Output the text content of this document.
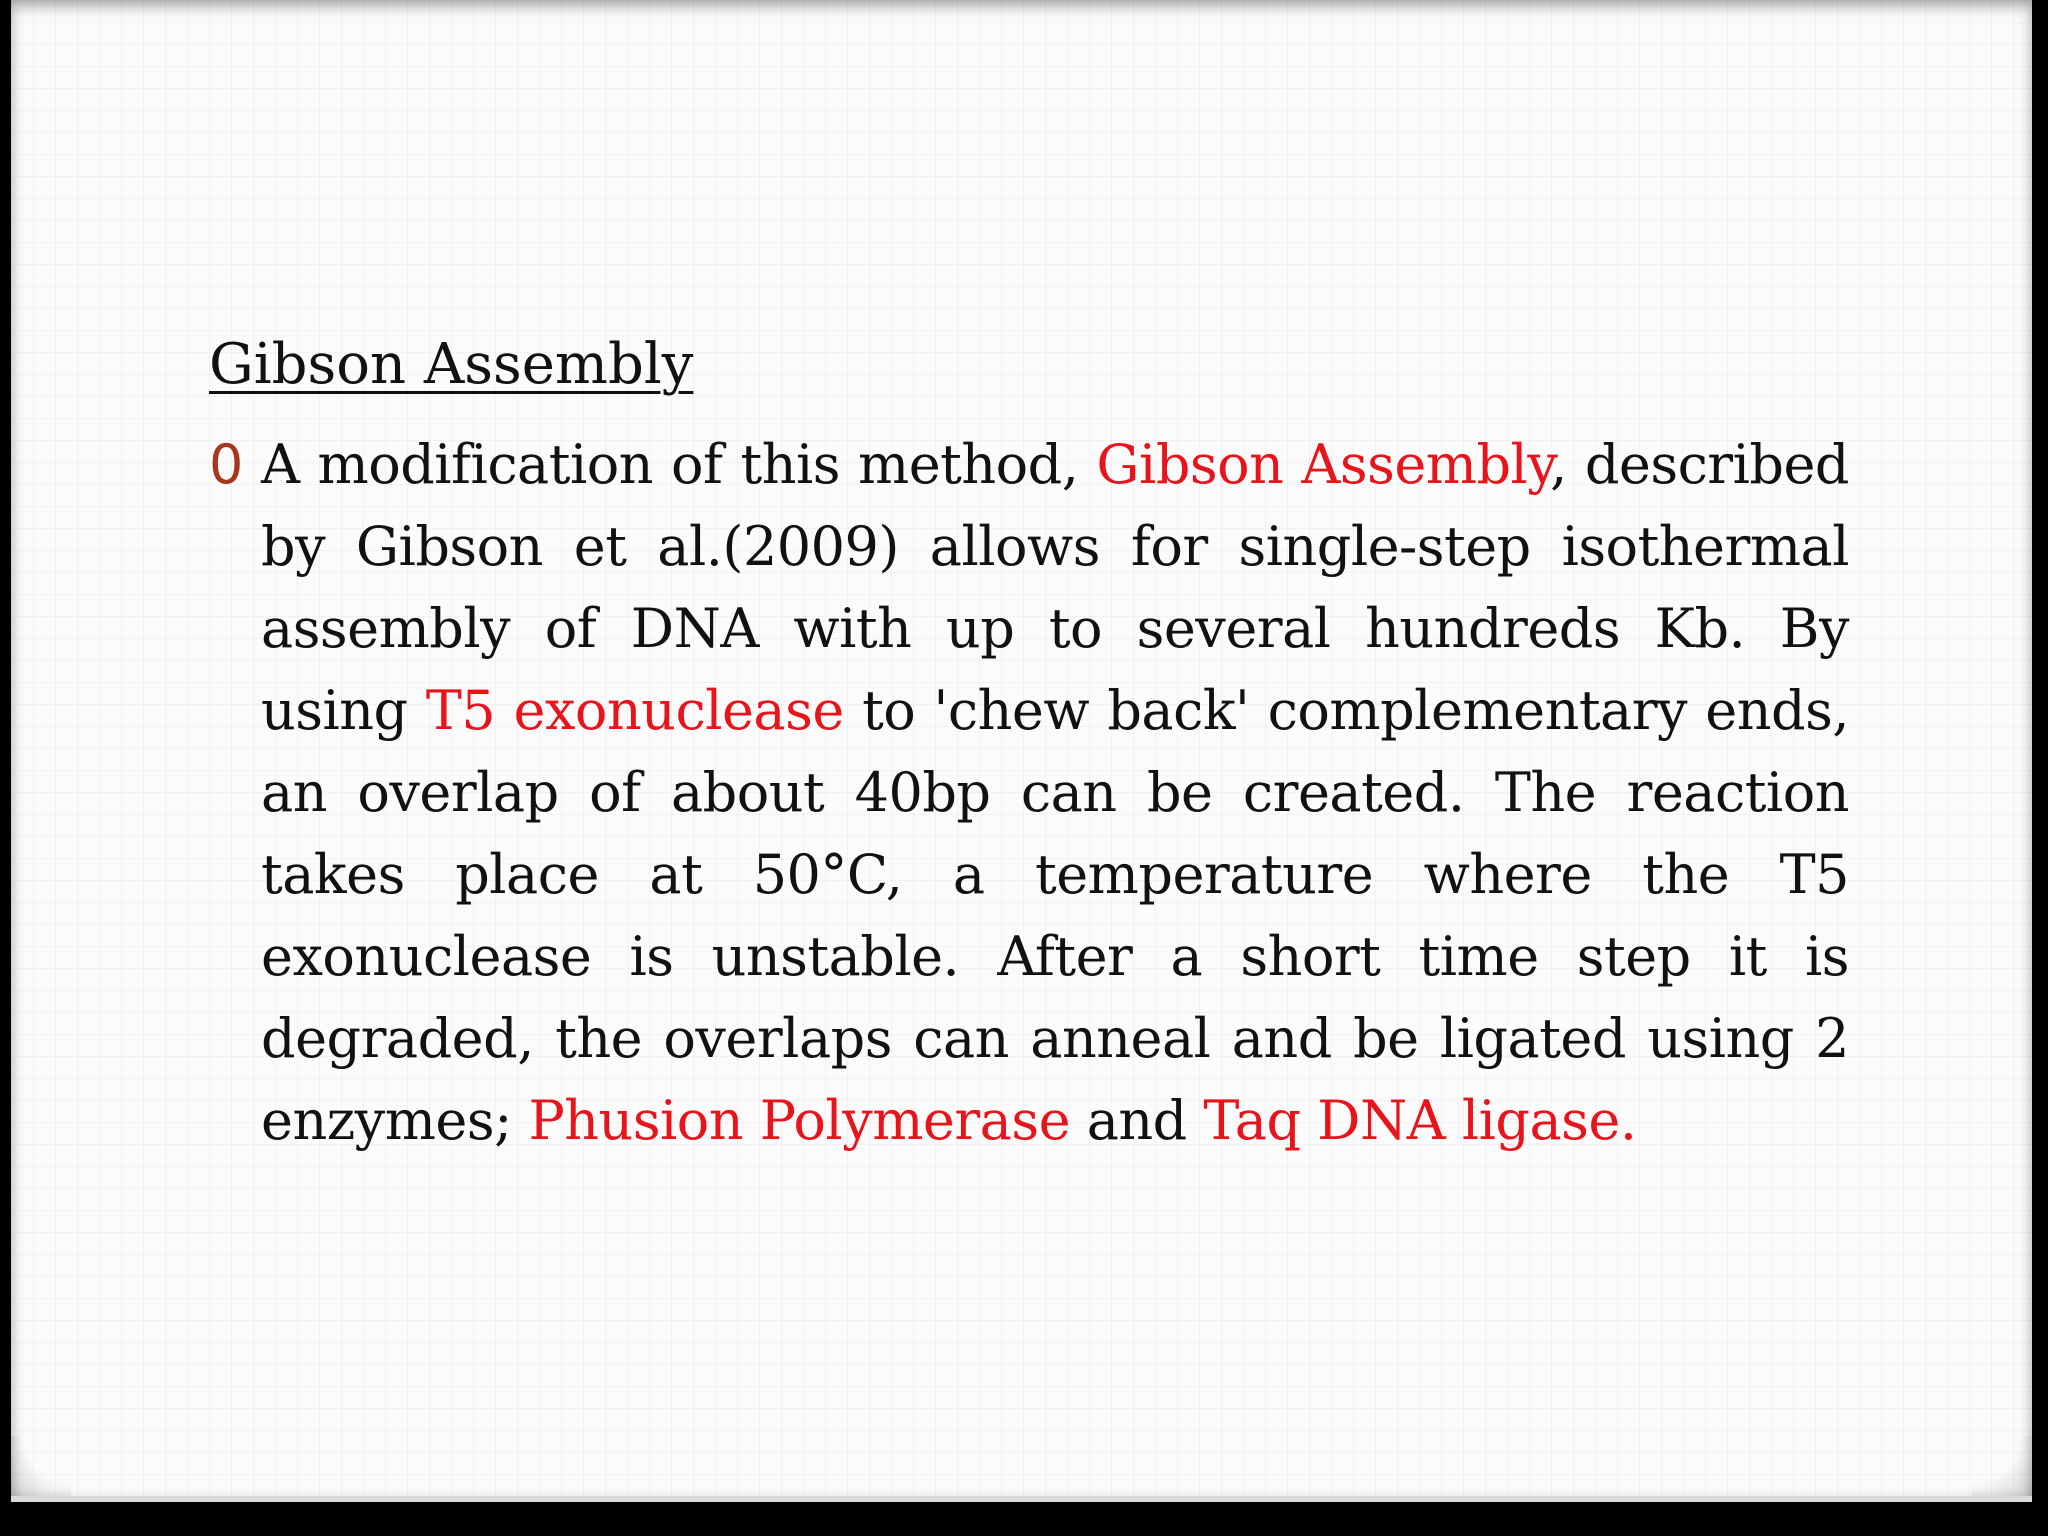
Gibson Assembly
0 A modification of this method, Gibson Assembly, described by Gibson et al.(2009) allows for single-step isothermal assembly of DNA with up to several hundreds Kb. By using T5 exonuclease to 'chew back' complementary ends, an overlap of about 40bp can be created. The reaction takes place at 50°C, a temperature where the T5 exonuclease is unstable. After a short time step it is degraded, the overlaps can anneal and be ligated using 2 enzymes; Phusion Polymerase and Taq DNA ligase.
